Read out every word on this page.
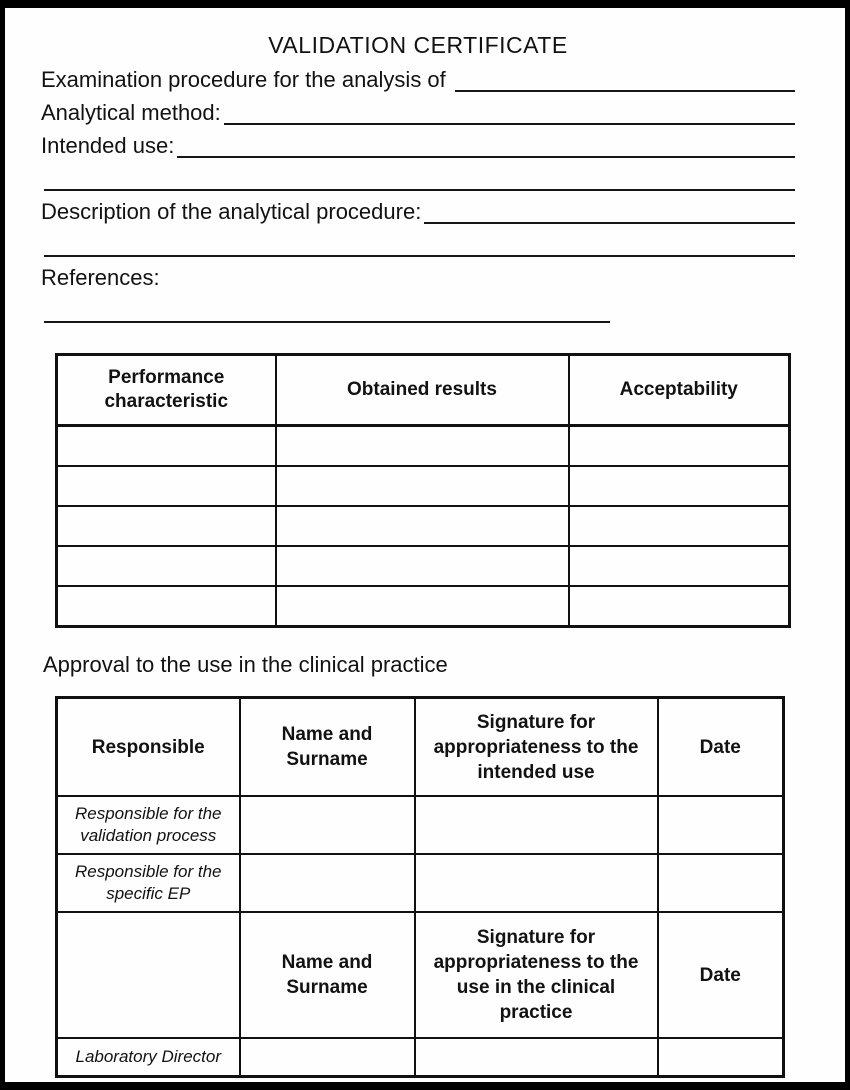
VALIDATION CERTIFICATE
Examination procedure for the analysis of
Analytical method:
Intended use:
Description of the analytical procedure:
References:
Performance characteristic	Obtained results	Acceptability

Approval to the use in the clinical practice
Responsible	Name and Surname	Signature for appropriateness to the intended use	Date
Responsible for the validation process			
Responsible for the specific EP			
	Name and Surname	Signature for appropriateness to the use in the clinical practice	Date
Laboratory Director			
